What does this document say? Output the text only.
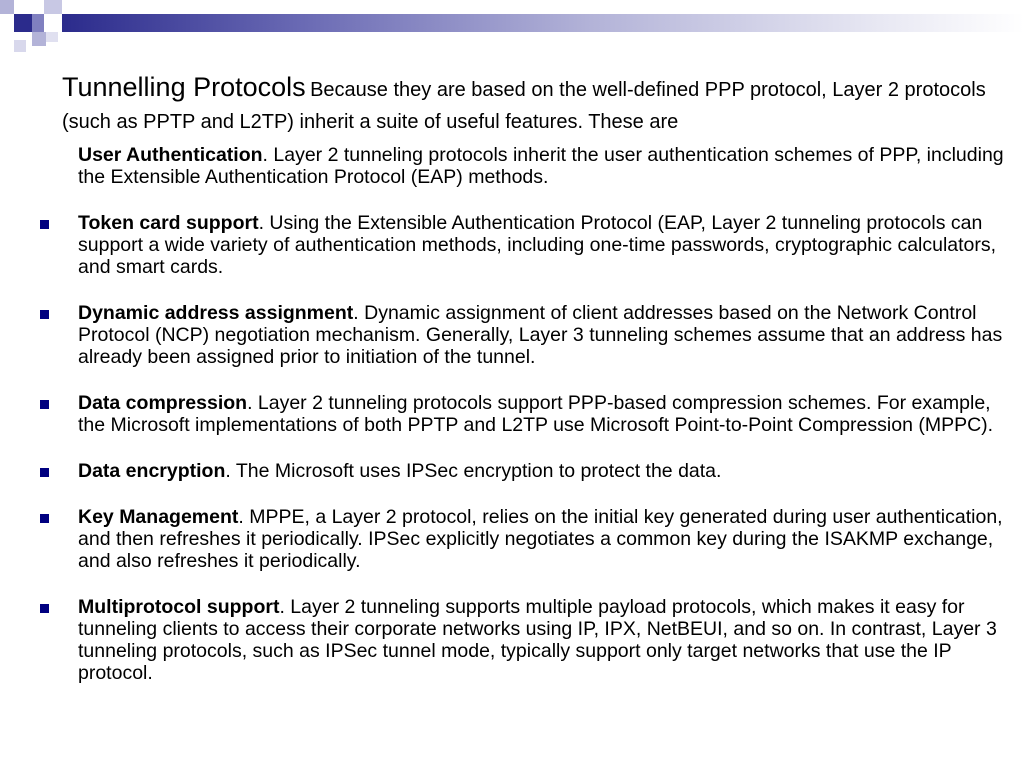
Tunnelling Protocols Because they are based on the well-defined PPP protocol, Layer 2 protocols (such as PPTP and L2TP) inherit a suite of useful features. These are
User Authentication. Layer 2 tunneling protocols inherit the user authentication schemes of PPP, including the Extensible Authentication Protocol (EAP) methods.
Token card support. Using the Extensible Authentication Protocol (EAP, Layer 2 tunneling protocols can support a wide variety of authentication methods, including one-time passwords, cryptographic calculators, and smart cards.
Dynamic address assignment. Dynamic assignment of client addresses based on the Network Control Protocol (NCP) negotiation mechanism. Generally, Layer 3 tunneling schemes assume that an address has already been assigned prior to initiation of the tunnel.
Data compression. Layer 2 tunneling protocols support PPP-based compression schemes. For example, the Microsoft implementations of both PPTP and L2TP use Microsoft Point-to-Point Compression (MPPC).
Data encryption. The Microsoft uses IPSec encryption to protect the data.
Key Management. MPPE, a Layer 2 protocol, relies on the initial key generated during user authentication, and then refreshes it periodically. IPSec explicitly negotiates a common key during the ISAKMP exchange, and also refreshes it periodically.
Multiprotocol support. Layer 2 tunneling supports multiple payload protocols, which makes it easy for tunneling clients to access their corporate networks using IP, IPX, NetBEUI, and so on. In contrast, Layer 3 tunneling protocols, such as IPSec tunnel mode, typically support only target networks that use the IP protocol.
